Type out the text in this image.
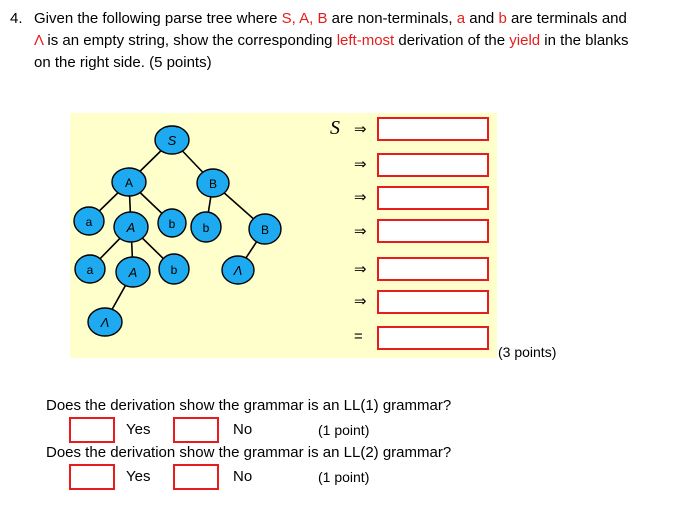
4. Given the following parse tree where S, A, B are non-terminals, a and b are terminals and
Λ is an empty string, show the corresponding left-most derivation of the yield in the blanks
on the right side. (5 points)
S
A	B
a	A	b b	B
a	A	b	Λ
Λ
S ⇒
⇒
⇒
⇒
⇒
⇒
=
(3 points)
Does the derivation show the grammar is an LL(1) grammar?
Yes	No	(1 point)
Does the derivation show the grammar is an LL(2) grammar?
Yes	No	(1 point)
